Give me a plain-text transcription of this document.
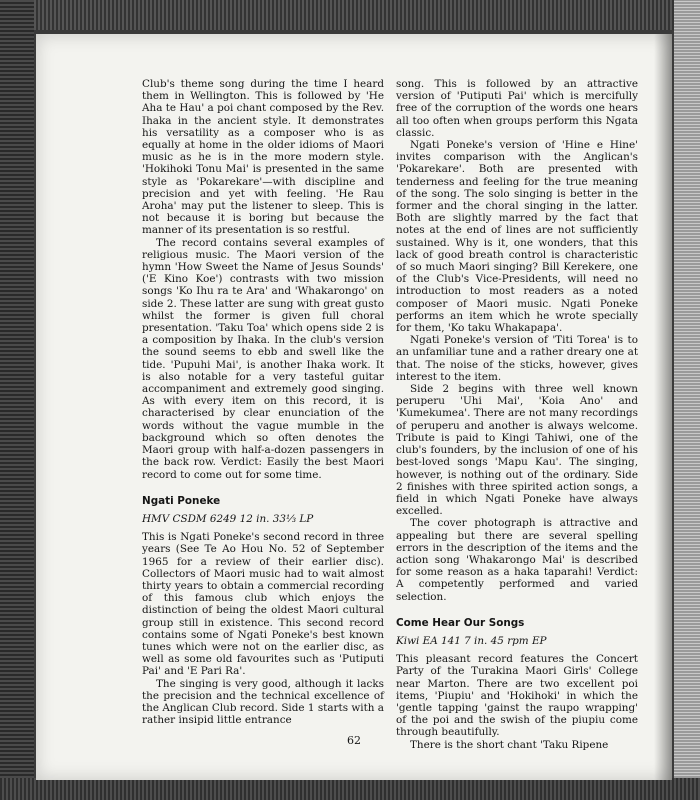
Club's theme song during the time I heard them in Wellington. This is followed by 'He Aha te Hau' a poi chant composed by the Rev. Ihaka in the ancient style. It demonstrates his versatility as a composer who is as equally at home in the older idioms of Maori music as he is in the more modern style. 'Hokihoki Tonu Mai' is presented in the same style as 'Pokarekare'—with discipline and precision and yet with feeling. 'He Rau Aroha' may put the listener to sleep. This is not because it is boring but because the manner of its presentation is so restful.

The record contains several examples of religious music. The Maori version of the hymn 'How Sweet the Name of Jesus Sounds' ('E Kino Koe') contrasts with two mission songs 'Ko Ihu ra te Ara' and 'Whakarongo' on side 2. These latter are sung with great gusto whilst the former is given full choral presentation. 'Taku Toa' which opens side 2 is a composition by Ihaka. In the club's version the sound seems to ebb and swell like the tide. 'Pupuhi Mai', is another Ihaka work. It is also notable for a very tasteful guitar accompaniment and extremely good singing. As with every item on this record, it is characterised by clear enunciation of the words without the vague mumble in the background which so often denotes the Maori group with half-a-dozen passengers in the back row. Verdict: Easily the best Maori record to come out for some time.

Ngati Poneke
HMV CSDM 6249 12 in. 33⅓ LP

This is Ngati Poneke's second record in three years (See Te Ao Hou No. 52 of September 1965 for a review of their earlier disc). Collectors of Maori music had to wait almost thirty years to obtain a commercial recording of this famous club which enjoys the distinction of being the oldest Maori cultural group still in existence. This second record contains some of Ngati Poneke's best known tunes which were not on the earlier disc, as well as some old favourites such as 'Putiputi Pai' and 'E Pari Ra'.

The singing is very good, although it lacks the precision and the technical excellence of the Anglican Club record. Side 1 starts with a rather insipid little entrance

song. This is followed by an attractive version of 'Putiputi Pai' which is mercifully free of the corruption of the words one hears all too often when groups perform this Ngata classic.

Ngati Poneke's version of 'Hine e Hine' invites comparison with the Anglican's 'Pokarekare'. Both are presented with tenderness and feeling for the true meaning of the song. The solo singing is better in the former and the choral singing in the latter. Both are slightly marred by the fact that notes at the end of lines are not sufficiently sustained. Why is it, one wonders, that this lack of good breath control is characteristic of so much Maori singing? Bill Kerekere, one of the Club's Vice-Presidents, will need no introduction to most readers as a noted composer of Maori music. Ngati Poneke performs an item which he wrote specially for them, 'Ko taku Whakapapa'.

Ngati Poneke's version of 'Titi Torea' is to an unfamiliar tune and a rather dreary one at that. The noise of the sticks, however, gives interest to the item.

Side 2 begins with three well known peruperu 'Uhi Mai', 'Koia Ano' and 'Kumekumea'. There are not many recordings of peruperu and another is always welcome. Tribute is paid to Kingi Tahiwi, one of the club's founders, by the inclusion of one of his best-loved songs 'Mapu Kau'. The singing, however, is nothing out of the ordinary. Side 2 finishes with three spirited action songs, a field in which Ngati Poneke have always excelled.

The cover photograph is attractive and appealing but there are several spelling errors in the description of the items and the action song 'Whakarongo Mai' is described for some reason as a haka taparahi! Verdict: A competently performed and varied selection.

Come Hear Our Songs
Kiwi EA 141 7 in. 45 rpm EP

This pleasant record features the Concert Party of the Turakina Maori Girls' College near Marton. There are two excellent poi items, 'Piupiu' and 'Hokihoki' in which the 'gentle tapping 'gainst the raupo wrapping' of the poi and the swish of the piupiu come through beautifully.

There is the short chant 'Taku Ripene

62
